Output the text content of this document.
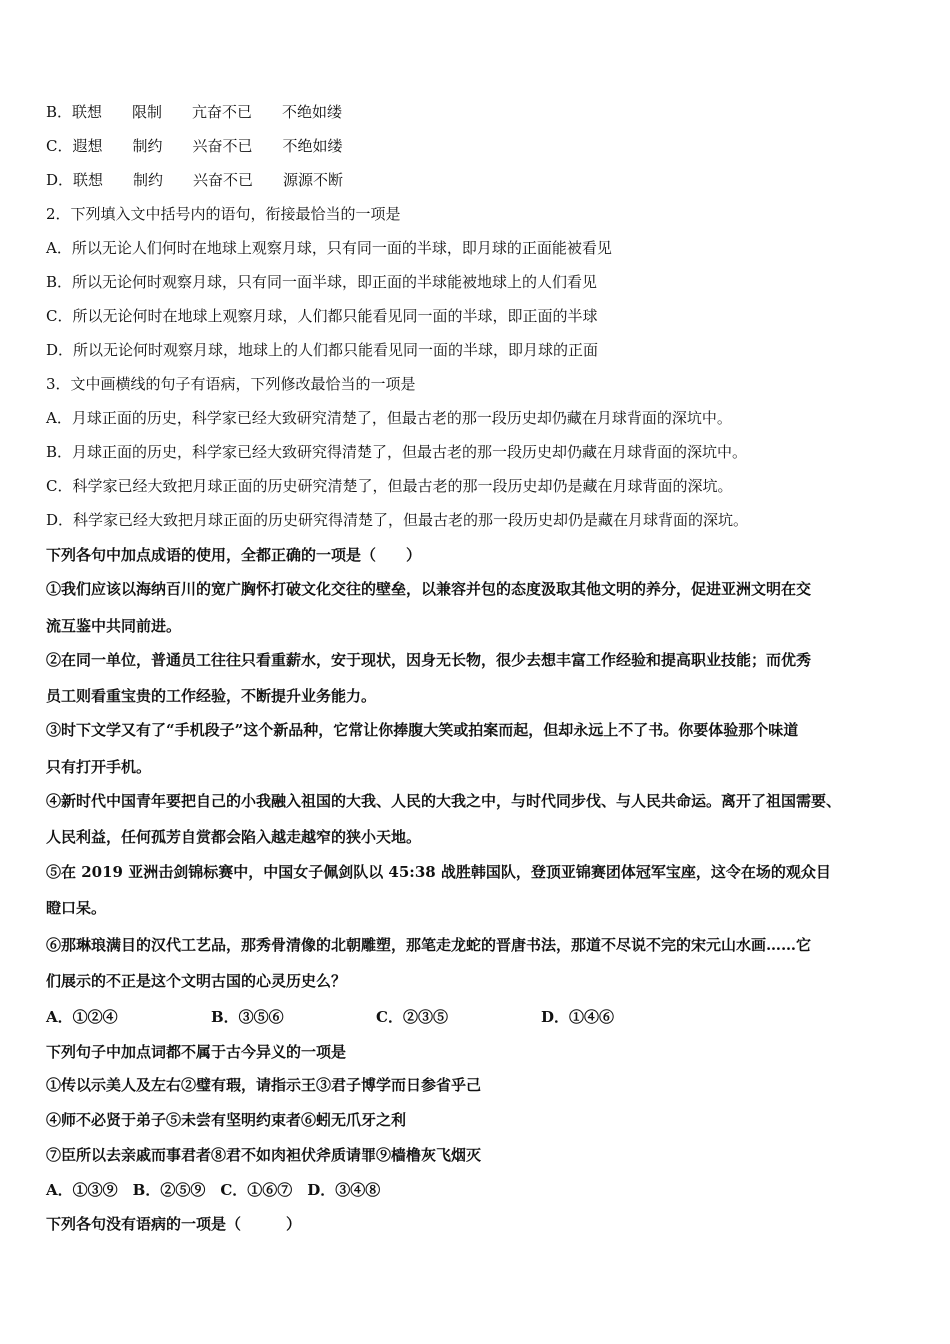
B．联想　　限制　　亢奋不已　　不绝如缕
C．遐想　　制约　　兴奋不已　　不绝如缕
D．联想　　制约　　兴奋不已　　源源不断
2．下列填入文中括号内的语句，衔接最恰当的一项是
A．所以无论人们何时在地球上观察月球，只有同一面的半球，即月球的正面能被看见
B．所以无论何时观察月球，只有同一面半球，即正面的半球能被地球上的人们看见
C．所以无论何时在地球上观察月球，人们都只能看见同一面的半球，即正面的半球
D．所以无论何时观察月球，地球上的人们都只能看见同一面的半球，即月球的正面
3．文中画横线的句子有语病，下列修改最恰当的一项是
A．月球正面的历史，科学家已经大致研究清楚了，但最古老的那一段历史却仍藏在月球背面的深坑中。
B．月球正面的历史，科学家已经大致研究得清楚了，但最古老的那一段历史却仍藏在月球背面的深坑中。
C．科学家已经大致把月球正面的历史研究清楚了，但最古老的那一段历史却仍是藏在月球背面的深坑。
D．科学家已经大致把月球正面的历史研究得清楚了，但最古老的那一段历史却仍是藏在月球背面的深坑。
下列各句中加点成语的使用，全都正确的一项是（　　）
①我们应该以海纳百川的宽广胸怀打破文化交往的壁垒，以兼容并包的态度汲取其他文明的养分，促进亚洲文明在交
流互鉴中共同前进。
②在同一单位，普通员工往往只看重薪水，安于现状，因身无长物，很少去想丰富工作经验和提高职业技能；而优秀
员工则看重宝贵的工作经验，不断提升业务能力。
③时下文学又有了“手机段子”这个新品种，它常让你捧腹大笑或拍案而起，但却永远上不了书。你要体验那个味道
只有打开手机。
④新时代中国青年要把自己的小我融入祖国的大我、人民的大我之中，与时代同步伐、与人民共命运。离开了祖国需要、
人民利益，任何孤芳自赏都会陷入越走越窄的狭小天地。
⑤在 2019 亚洲击剑锦标赛中，中国女子佩剑队以 45:38 战胜韩国队，登顶亚锦赛团体冠军宝座，这令在场的观众目
瞪口呆。
⑥那琳琅满目的汉代工艺品，那秀骨清像的北朝雕塑，那笔走龙蛇的晋唐书法，那道不尽说不完的宋元山水画……它
们展示的不正是这个文明古国的心灵历史么？
A．①②④	B．③⑤⑥	C．②③⑤	D．①④⑥
下列句子中加点词都不属于古今异义的一项是
①传以示美人及左右②璧有瑕，请指示王③君子博学而日参省乎己
④师不必贤于弟子⑤未尝有坚明约束者⑥蚓无爪牙之利
⑦臣所以去亲戚而事君者⑧君不如肉袒伏斧质请罪⑨樯橹灰飞烟灭
A．①③⑨　B．②⑤⑨　C．①⑥⑦　D．③④⑧
下列各句没有语病的一项是（　　　）
